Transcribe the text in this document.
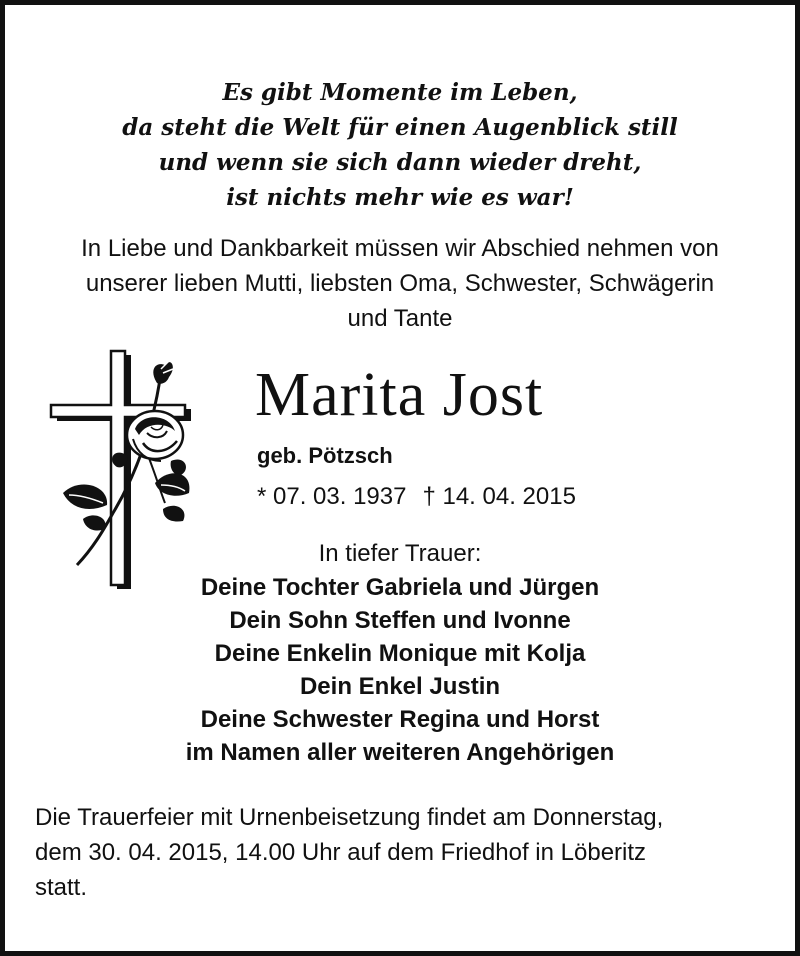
Es gibt Momente im Leben,
da steht die Welt für einen Augenblick still
und wenn sie sich dann wieder dreht,
ist nichts mehr wie es war!
In Liebe und Dankbarkeit müssen wir Abschied nehmen von
unserer lieben Mutti, liebsten Oma, Schwester, Schwägerin
und Tante
Marita Jost
geb. Pötzsch
* 07. 03. 1937 † 14. 04. 2015
In tiefer Trauer:
Deine Tochter Gabriela und Jürgen
Dein Sohn Steffen und Ivonne
Deine Enkelin Monique mit Kolja
Dein Enkel Justin
Deine Schwester Regina und Horst
im Namen aller weiteren Angehörigen
Die Trauerfeier mit Urnenbeisetzung findet am Donnerstag,
dem 30. 04. 2015, 14.00 Uhr auf dem Friedhof in Löberitz
statt.
